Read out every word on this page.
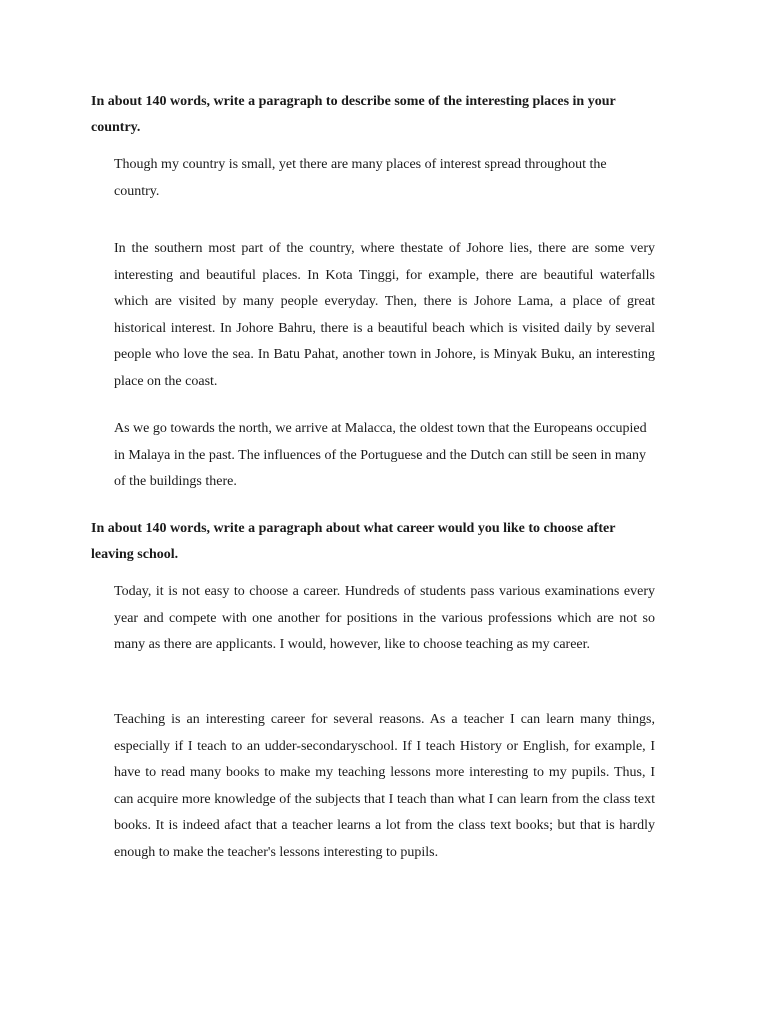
In about 140 words, write a paragraph to describe some of the interesting places in your country.

Though my country is small, yet there are many places of interest spread throughout the country.

In the southern most part of the country, where thestate of Johore lies, there are some very interesting and beautiful places. In Kota Tinggi, for example, there are beautiful waterfalls which are visited by many people everyday. Then, there is Johore Lama, a place of great historical interest. In Johore Bahru, there is a beautiful beach which is visited daily by several people who love the sea. In Batu Pahat, another town in Johore, is Minyak Buku, an interesting place on the coast.

As we go towards the north, we arrive at Malacca, the oldest town that the Europeans occupied in Malaya in the past. The influences of the Portuguese and the Dutch can still be seen in many of the buildings there.

In about 140 words, write a paragraph about what career would you like to choose after leaving school.

Today, it is not easy to choose a career. Hundreds of students pass various examinations every year and compete with one another for positions in the various professions which are not so many as there are applicants. I would, however, like to choose teaching as my career.

Teaching is an interesting career for several reasons. As a teacher I can learn many things, especially if I teach to an udder-secondaryschool. If I teach History or English, for example, I have to read many books to make my teaching lessons more interesting to my pupils. Thus, I can acquire more knowledge of the subjects that I teach than what I can learn from the class text books. It is indeed afact that a teacher learns a lot from the class text books; but that is hardly enough to make the teacher's lessons interesting to pupils.
